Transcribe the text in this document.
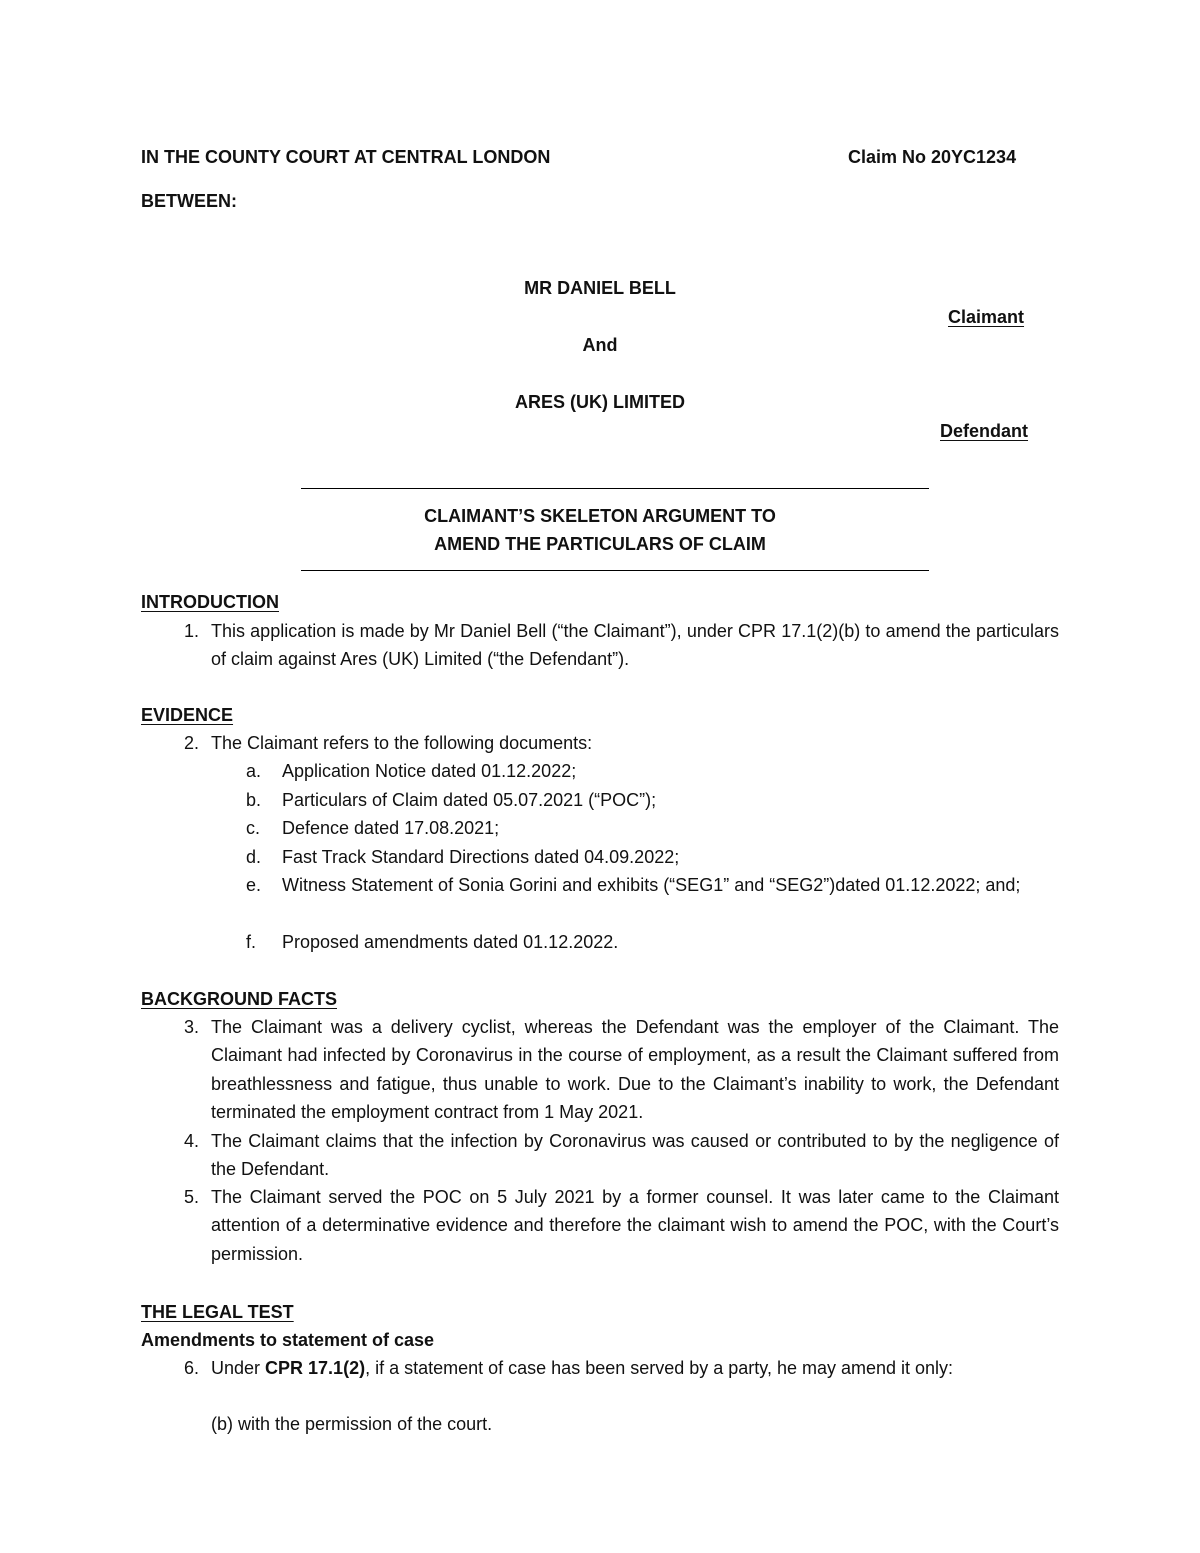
IN THE COUNTY COURT AT CENTRAL LONDON	Claim No 20YC1234
BETWEEN:
MR DANIEL BELL
Claimant
And
ARES (UK) LIMITED
Defendant
CLAIMANT’S SKELETON ARGUMENT TO
AMEND THE PARTICULARS OF CLAIM
INTRODUCTION
1. This application is made by Mr Daniel Bell (“the Claimant”), under CPR 17.1(2)(b) to amend the particulars of claim against Ares (UK) Limited (“the Defendant”).
EVIDENCE
2. The Claimant refers to the following documents:
a.	Application Notice dated 01.12.2022;
b.	Particulars of Claim dated 05.07.2021 (“POC”);
c.	Defence dated 17.08.2021;
d.	Fast Track Standard Directions dated 04.09.2022;
e.	Witness Statement of Sonia Gorini and exhibits (“SEG1” and “SEG2”)dated 01.12.2022; and;
f.	Proposed amendments dated 01.12.2022.
BACKGROUND FACTS
3. The Claimant was a delivery cyclist, whereas the Defendant was the employer of the Claimant. The Claimant had infected by Coronavirus in the course of employment, as a result the Claimant suffered from breathlessness and fatigue, thus unable to work. Due to the Claimant’s inability to work, the Defendant terminated the employment contract from 1 May 2021.
4. The Claimant claims that the infection by Coronavirus was caused or contributed to by the negligence of the Defendant.
5. The Claimant served the POC on 5 July 2021 by a former counsel. It was later came to the Claimant attention of a determinative evidence and therefore the claimant wish to amend the POC, with the Court’s permission.
THE LEGAL TEST
Amendments to statement of case
6. Under CPR 17.1(2), if a statement of case has been served by a party, he may amend it only:
(b) with the permission of the court.
